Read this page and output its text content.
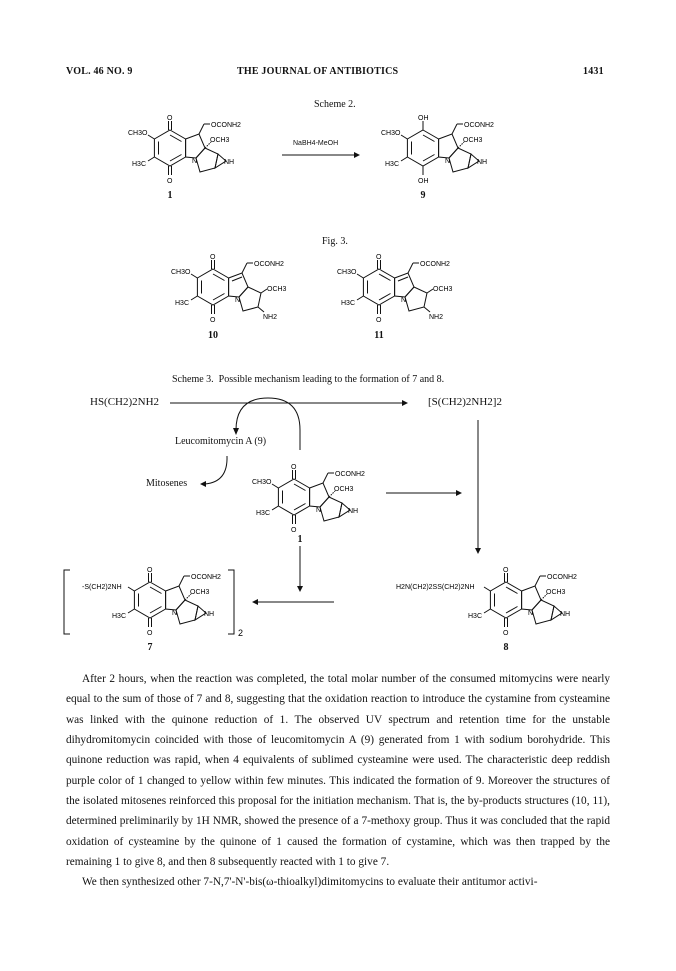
VOL. 46 NO. 9	THE JOURNAL OF ANTIBIOTICS	1431
Scheme 2.
O
OCONH2
OCH3
CH3O
H3C	N	NH
O
OH
OCONH2
OCH3
CH3O
H3C	N	NH
OH
O
OCONH2
OCH3
CH3O
H3C	N
NH2
O
O
OCONH2
OCH3
CH3O
H3C	N
NH2
O
O
OCONH2
OCH3
CH3O
H3C	N	NH
O
O
OCONH2
OCH3
-S(CH2)2NH
H3C	N	NH
O	2
O
OCONH2
OCH3
H2N(CH2)2SS(CH2)2NH
H3C	N	NH
O
1	9
NaBH4-MeOH
Fig. 3.
10	11
Scheme 3. Possible mechanism leading to the formation of 7 and 8.
HS(CH2)2NH2	[S(CH2)2NH2]2
Leucomitomycin A (9)
Mitosenes
1
7	8

After 2 hours, when the reaction was completed, the total molar number of the consumed mitomycins were nearly equal to the sum of those of 7 and 8, suggesting that the oxidation reaction to introduce the cystamine from cysteamine was linked with the quinone reduction of 1. The observed UV spectrum and retention time for the unstable dihydromitomycin coincided with those of leucomitomycin A (9) generated from 1 with sodium borohydride. This quinone reduction was rapid, when 4 equivalents of sublimed cysteamine were used. The characteristic deep reddish purple color of 1 changed to yellow within few minutes. This indicated the formation of 9. Moreover the structures of the isolated mitosenes reinforced this proposal for the initiation mechanism. That is, the by-products structures (10, 11), determined preliminarily by 1H NMR, showed the presence of a 7-methoxy group. Thus it was concluded that the rapid oxidation of cysteamine by the quinone of 1 caused the formation of cystamine, which was then trapped by the remaining 1 to give 8, and then 8 subsequently reacted with 1 to give 7.

We then synthesized other 7-N,7'-N'-bis(ω-thioalkyl)dimitomycins to evaluate their antitumor activi-
